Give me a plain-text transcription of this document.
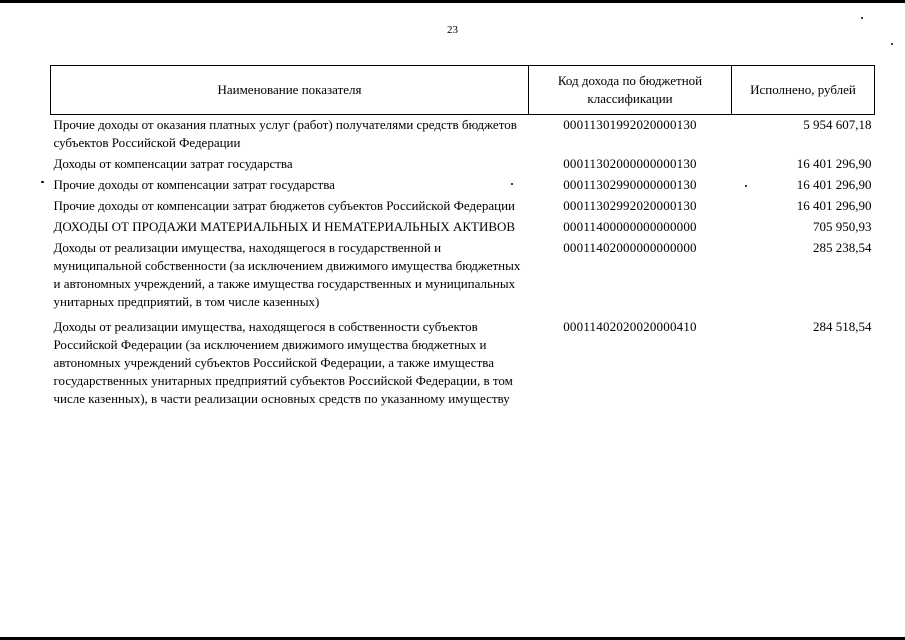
23
Наименование показателя	Код дохода по бюджетной классификации	Исполнено, рублей
Прочие доходы от оказания платных услуг (работ) получателями средств бюджетов субъектов Российской Федерации	00011301992020000130	5 954 607,18
Доходы от компенсации затрат государства	00011302000000000130	16 401 296,90
Прочие доходы от компенсации затрат государства	00011302990000000130	16 401 296,90
Прочие доходы от компенсации затрат бюджетов субъектов Российской Федерации	00011302992020000130	16 401 296,90
ДОХОДЫ ОТ ПРОДАЖИ МАТЕРИАЛЬНЫХ И НЕМАТЕРИАЛЬНЫХ АКТИВОВ	00011400000000000000	705 950,93
Доходы от реализации имущества, находящегося в государственной и муниципальной собственности (за исключением движимого имущества бюджетных и автономных учреждений, а также имущества государственных и муниципальных унитарных предприятий, в том числе казенных)	00011402000000000000	285 238,54
Доходы от реализации имущества, находящегося в собственности субъектов Российской Федерации (за исключением движимого имущества бюджетных и автономных учреждений субъектов Российской Федерации, а также имущества государственных унитарных предприятий субъектов Российской Федерации, в том числе казенных), в части реализации основных средств по указанному имуществу	00011402020020000410	284 518,54
